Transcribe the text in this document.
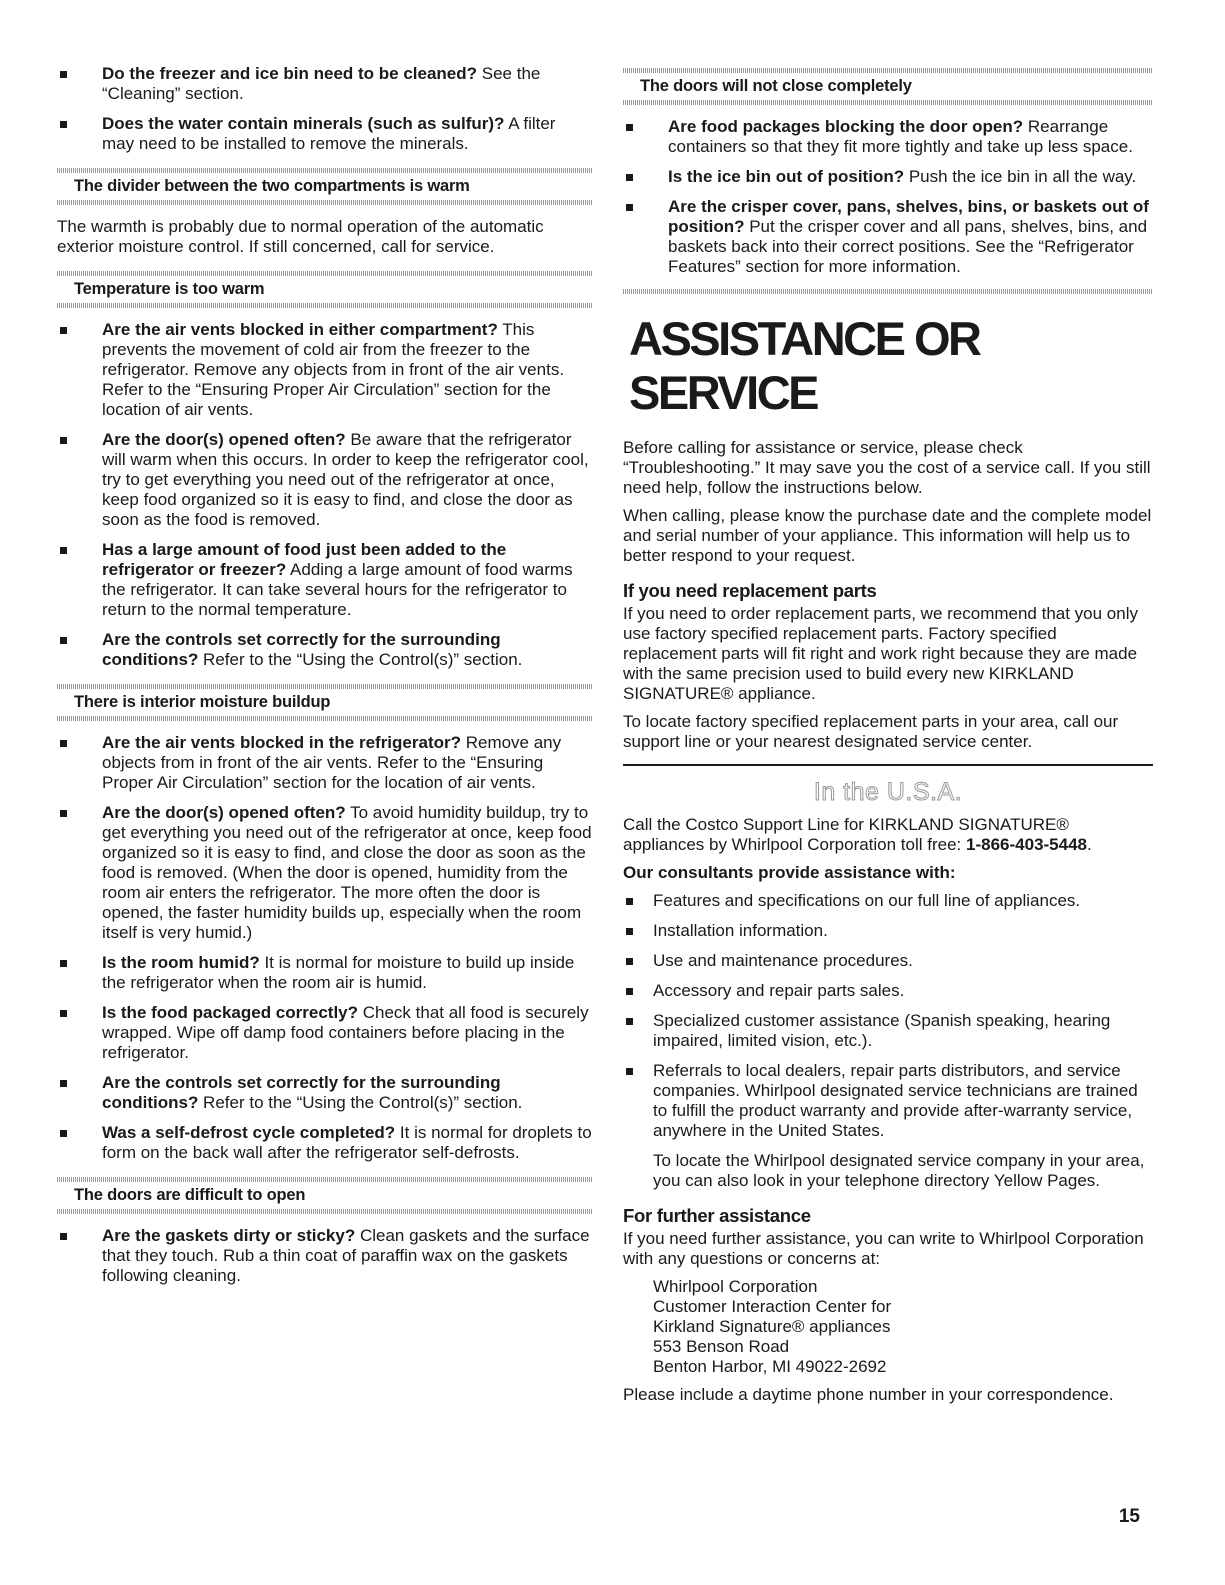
Do the freezer and ice bin need to be cleaned? See the “Cleaning” section.
Does the water contain minerals (such as sulfur)? A filter may need to be installed to remove the minerals.
The divider between the two compartments is warm
The warmth is probably due to normal operation of the automatic exterior moisture control. If still concerned, call for service.
Temperature is too warm
Are the air vents blocked in either compartment? This prevents the movement of cold air from the freezer to the refrigerator. Remove any objects from in front of the air vents. Refer to the “Ensuring Proper Air Circulation” section for the location of air vents.
Are the door(s) opened often? Be aware that the refrigerator will warm when this occurs. In order to keep the refrigerator cool, try to get everything you need out of the refrigerator at once, keep food organized so it is easy to find, and close the door as soon as the food is removed.
Has a large amount of food just been added to the refrigerator or freezer? Adding a large amount of food warms the refrigerator. It can take several hours for the refrigerator to return to the normal temperature.
Are the controls set correctly for the surrounding conditions? Refer to the “Using the Control(s)” section.
There is interior moisture buildup
Are the air vents blocked in the refrigerator? Remove any objects from in front of the air vents. Refer to the “Ensuring Proper Air Circulation” section for the location of air vents.
Are the door(s) opened often? To avoid humidity buildup, try to get everything you need out of the refrigerator at once, keep food organized so it is easy to find, and close the door as soon as the food is removed. (When the door is opened, humidity from the room air enters the refrigerator. The more often the door is opened, the faster humidity builds up, especially when the room itself is very humid.)
Is the room humid? It is normal for moisture to build up inside the refrigerator when the room air is humid.
Is the food packaged correctly? Check that all food is securely wrapped. Wipe off damp food containers before placing in the refrigerator.
Are the controls set correctly for the surrounding conditions? Refer to the “Using the Control(s)” section.
Was a self-defrost cycle completed? It is normal for droplets to form on the back wall after the refrigerator self-defrosts.
The doors are difficult to open
Are the gaskets dirty or sticky? Clean gaskets and the surface that they touch. Rub a thin coat of paraffin wax on the gaskets following cleaning.
The doors will not close completely
Are food packages blocking the door open? Rearrange containers so that they fit more tightly and take up less space.
Is the ice bin out of position? Push the ice bin in all the way.
Are the crisper cover, pans, shelves, bins, or baskets out of position? Put the crisper cover and all pans, shelves, bins, and baskets back into their correct positions. See the “Refrigerator Features” section for more information.
ASSISTANCE OR SERVICE
Before calling for assistance or service, please check “Troubleshooting.” It may save you the cost of a service call. If you still need help, follow the instructions below.
When calling, please know the purchase date and the complete model and serial number of your appliance. This information will help us to better respond to your request.
If you need replacement parts
If you need to order replacement parts, we recommend that you only use factory specified replacement parts. Factory specified replacement parts will fit right and work right because they are made with the same precision used to build every new KIRKLAND SIGNATURE® appliance.
To locate factory specified replacement parts in your area, call our support line or your nearest designated service center.
In the U.S.A.
Call the Costco Support Line for KIRKLAND SIGNATURE® appliances by Whirlpool Corporation toll free: 1-866-403-5448.
Our consultants provide assistance with:
Features and specifications on our full line of appliances.
Installation information.
Use and maintenance procedures.
Accessory and repair parts sales.
Specialized customer assistance (Spanish speaking, hearing impaired, limited vision, etc.).
Referrals to local dealers, repair parts distributors, and service companies. Whirlpool designated service technicians are trained to fulfill the product warranty and provide after-warranty service, anywhere in the United States.
To locate the Whirlpool designated service company in your area, you can also look in your telephone directory Yellow Pages.
For further assistance
If you need further assistance, you can write to Whirlpool Corporation with any questions or concerns at:
Whirlpool Corporation
Customer Interaction Center for
Kirkland Signature® appliances
553 Benson Road
Benton Harbor, MI 49022-2692
Please include a daytime phone number in your correspondence.
15
